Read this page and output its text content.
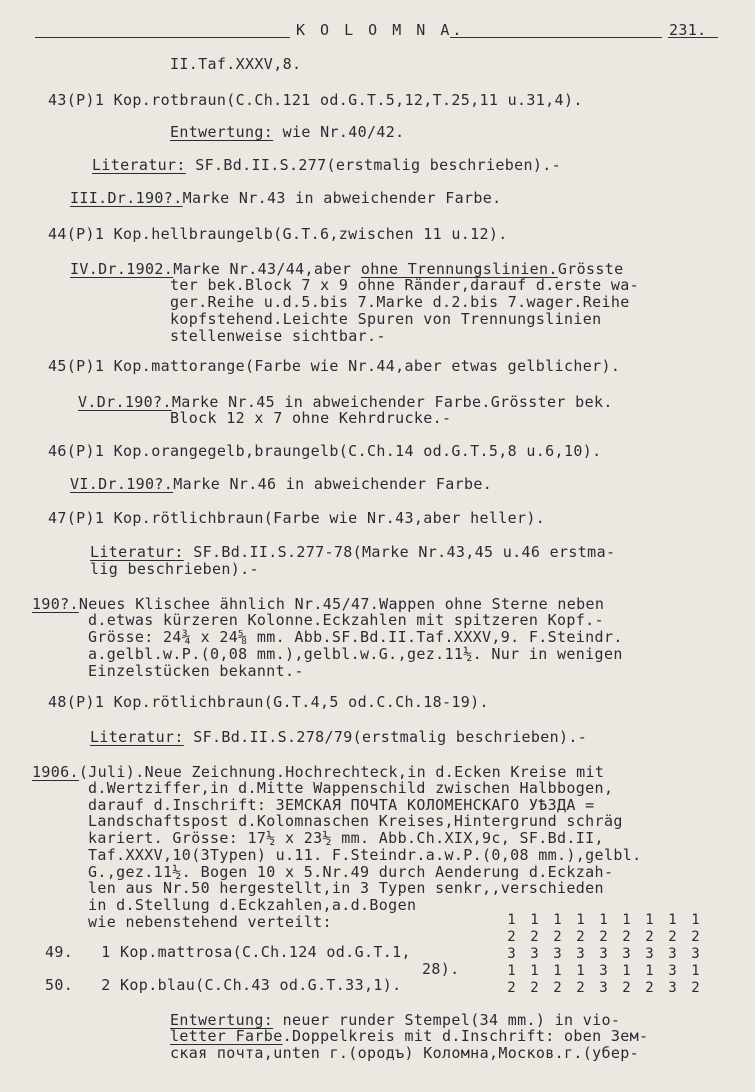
K O L O M N A.	231.
II.Taf.XXXV,8.
43(P)1 Kop.rotbraun(C.Ch.121 od.G.T.5,12,T.25,11 u.31,4).
Entwertung: wie Nr.40/42.
Literatur: SF.Bd.II.S.277(erstmalig beschrieben).-
III.Dr.190?.Marke Nr.43 in abweichender Farbe.
44(P)1 Kop.hellbraungelb(G.T.6,zwischen 11 u.12).
IV.Dr.1902.Marke Nr.43/44,aber ohne Trennungslinien.Grösste
ter bek.Block 7 x 9 ohne Ränder,darauf d.erste wa-
ger.Reihe u.d.5.bis 7.Marke d.2.bis 7.wager.Reihe
kopfstehend.Leichte Spuren von Trennungslinien
stellenweise sichtbar.-
45(P)1 Kop.mattorange(Farbe wie Nr.44,aber etwas gelblicher).
V.Dr.190?.Marke Nr.45 in abweichender Farbe.Grösster bek.
Block 12 x 7 ohne Kehrdrucke.-
46(P)1 Kop.orangegelb,braungelb(C.Ch.14 od.G.T.5,8 u.6,10).
VI.Dr.190?.Marke Nr.46 in abweichender Farbe.
47(P)1 Kop.rötlichbraun(Farbe wie Nr.43,aber heller).
Literatur: SF.Bd.II.S.277-78(Marke Nr.43,45 u.46 erstma-
lig beschrieben).-
190?.Neues Klischee ähnlich Nr.45/47.Wappen ohne Sterne neben
d.etwas kürzeren Kolonne.Eckzahlen mit spitzeren Kopf.-
Grösse: 24¾ x 24⅝ mm. Abb.SF.Bd.II.Taf.XXXV,9. F.Steindr.
a.gelbl.w.P.(0,08 mm.),gelbl.w.G.,gez.11½. Nur in wenigen
Einzelstücken bekannt.-
48(P)1 Kop.rötlichbraun(G.T.4,5 od.C.Ch.18-19).
Literatur: SF.Bd.II.S.278/79(erstmalig beschrieben).-
1906.(Juli).Neue Zeichnung.Hochrechteck,in d.Ecken Kreise mit
d.Wertziffer,in d.Mitte Wappenschild zwischen Halbbogen,
darauf d.Inschrift: ЗЕМСКАЯ ПОЧТА КОЛОМЕНСКАГО УѢЗДА =
Landschaftspost d.Kolomnaschen Kreises,Hintergrund schräg
kariert. Grösse: 17½ x 23½ mm. Abb.Ch.XIX,9c, SF.Bd.II,
Taf.XXXV,10(3Typen) u.11. F.Steindr.a.w.P.(0,08 mm.),gelbl.
G.,gez.11½. Bogen 10 x 5.Nr.49 durch Aenderung d.Eckzah-
len aus Nr.50 hergestellt,in 3 Typen senkr,,verschieden
in d.Stellung d.Eckzahlen,a.d.Bogen
wie nebenstehend verteilt:
49.   1 Kop.mattrosa(C.Ch.124 od.G.T.1,
28).
50.   2 Kop.blau(C.Ch.43 od.G.T.33,1).
Entwertung: neuer runder Stempel(34 mm.) in vio-
letter Farbe.Doppelkreis mit d.Inschrift: oben Зем-
ская почта,unten г.(ородъ) Коломна,Москов.г.(убер-
1	1	1	1	1	1	1	1	1
2	2	2	2	2	2	2	2	2
3	3	3	3	3	3	3	3	3
1	1	1	1	3	1	1	3	1
2	2	2	2	3	2	2	3	2
